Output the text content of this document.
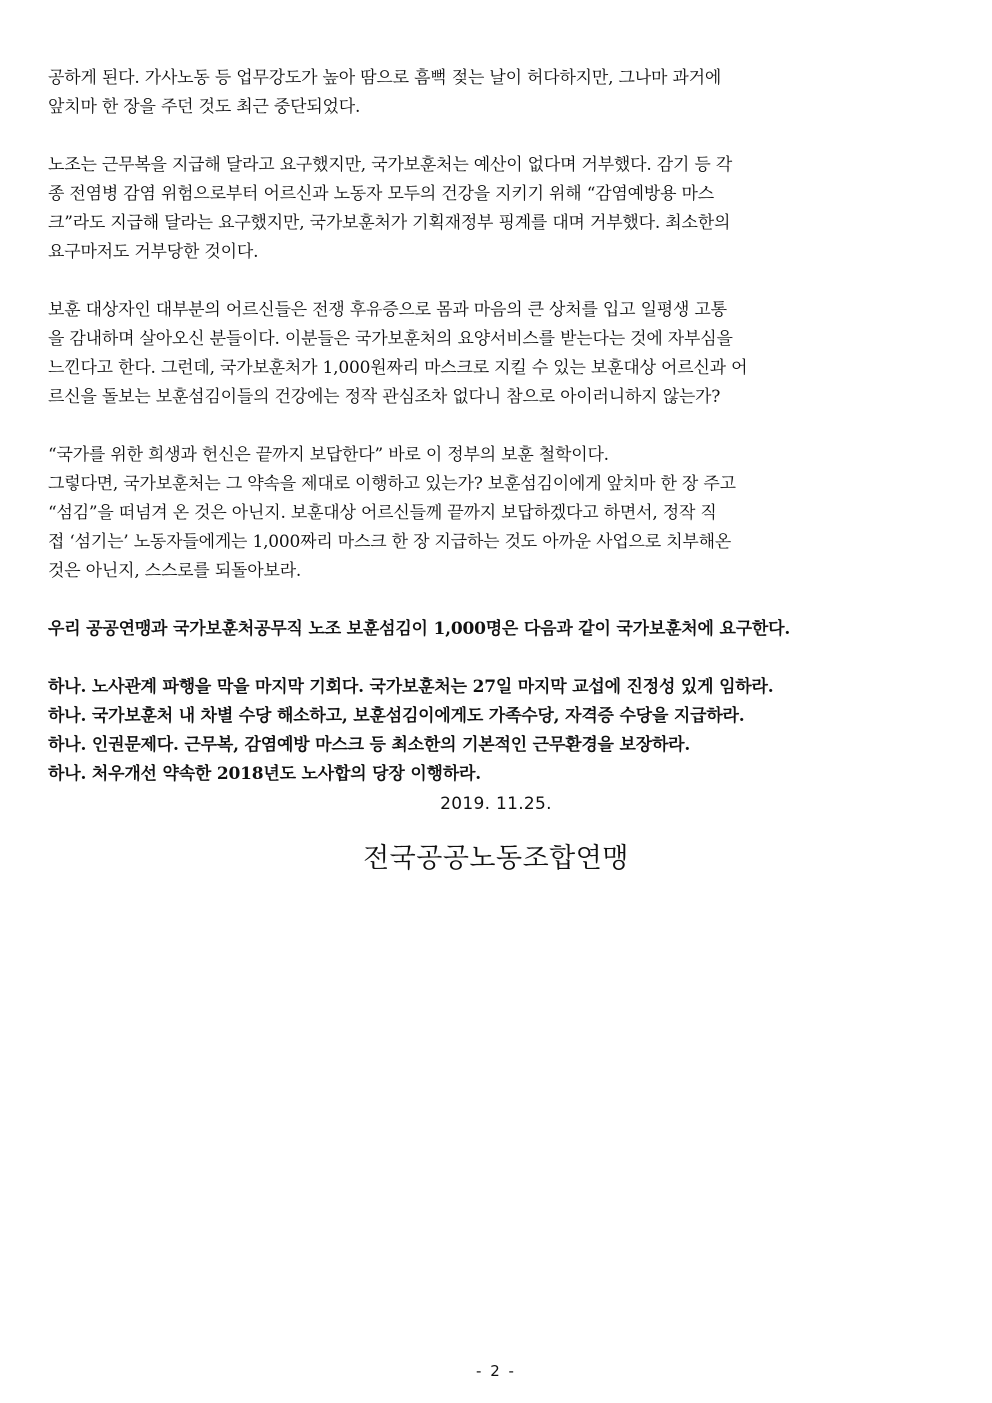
공하게 된다. 가사노동 등 업무강도가 높아 땀으로 흠뻑 젖는 날이 허다하지만, 그나마 과거에
앞치마 한 장을 주던 것도 최근 중단되었다.

노조는 근무복을 지급해 달라고 요구했지만, 국가보훈처는 예산이 없다며 거부했다. 감기 등 각
종 전염병 감염 위험으로부터 어르신과 노동자 모두의 건강을 지키기 위해 “감염예방용 마스
크”라도 지급해 달라는 요구했지만, 국가보훈처가 기획재정부 핑계를 대며 거부했다. 최소한의
요구마저도 거부당한 것이다.

보훈 대상자인 대부분의 어르신들은 전쟁 후유증으로 몸과 마음의 큰 상처를 입고 일평생 고통
을 감내하며 살아오신 분들이다. 이분들은 국가보훈처의 요양서비스를 받는다는 것에 자부심을
느낀다고 한다. 그런데, 국가보훈처가 1,000원짜리 마스크로 지킬 수 있는 보훈대상 어르신과 어
르신을 돌보는 보훈섬김이들의 건강에는 정작 관심조차 없다니 참으로 아이러니하지 않는가?

“국가를 위한 희생과 헌신은 끝까지 보답한다” 바로 이 정부의 보훈 철학이다.
그렇다면, 국가보훈처는 그 약속을 제대로 이행하고 있는가? 보훈섬김이에게 앞치마 한 장 주고
“섬김”을 떠넘겨 온 것은 아닌지. 보훈대상 어르신들께 끝까지 보답하겠다고 하면서, 정작 직
접 ‘섬기는’ 노동자들에게는 1,000짜리 마스크 한 장 지급하는 것도 아까운 사업으로 치부해온
것은 아닌지, 스스로를 되돌아보라.

우리 공공연맹과 국가보훈처공무직 노조 보훈섬김이 1,000명은 다음과 같이 국가보훈처에 요구한다.

하나. 노사관계 파행을 막을 마지막 기회다. 국가보훈처는 27일 마지막 교섭에 진정성 있게 임하라.
하나. 국가보훈처 내 차별 수당 해소하고, 보훈섬김이에게도 가족수당, 자격증 수당을 지급하라.
하나. 인권문제다. 근무복, 감염예방 마스크 등 최소한의 기본적인 근무환경을 보장하라.
하나. 처우개선 약속한 2018년도 노사합의 당장 이행하라.
2019. 11.25.
전국공공노동조합연맹
- 2 -
